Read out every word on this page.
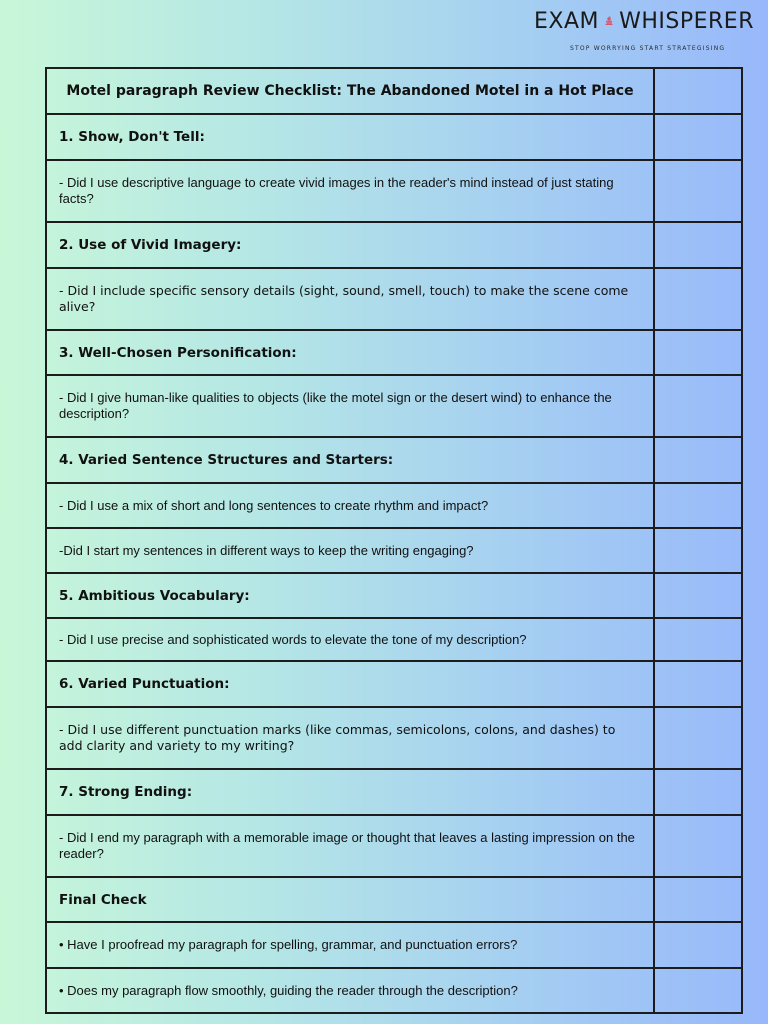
EXAM WHISPERER
STOP WORRYING START STRATEGISING
Motel paragraph Review Checklist: The Abandoned Motel in a Hot Place	
1. Show, Don't Tell:	
- Did I use descriptive language to create vivid images in the reader's mind instead of just stating facts?	
2. Use of Vivid Imagery:	
- Did I include specific sensory details (sight, sound, smell, touch) to make the scene come alive?	
3. Well-Chosen Personification:	
- Did I give human-like qualities to objects (like the motel sign or the desert wind) to enhance the description?	
4. Varied Sentence Structures and Starters:	
- Did I use a mix of short and long sentences to create rhythm and impact?	
-Did I start my sentences in different ways to keep the writing engaging?	
5. Ambitious Vocabulary:	
- Did I use precise and sophisticated words to elevate the tone of my description?	
6. Varied Punctuation:	
- Did I use different punctuation marks (like commas, semicolons, colons, and dashes) to add clarity and variety to my writing?	
7. Strong Ending:	
- Did I end my paragraph with a memorable image or thought that leaves a lasting impression on the reader?	
Final Check	
• Have I proofread my paragraph for spelling, grammar, and punctuation errors?	
• Does my paragraph flow smoothly, guiding the reader through the description?	
